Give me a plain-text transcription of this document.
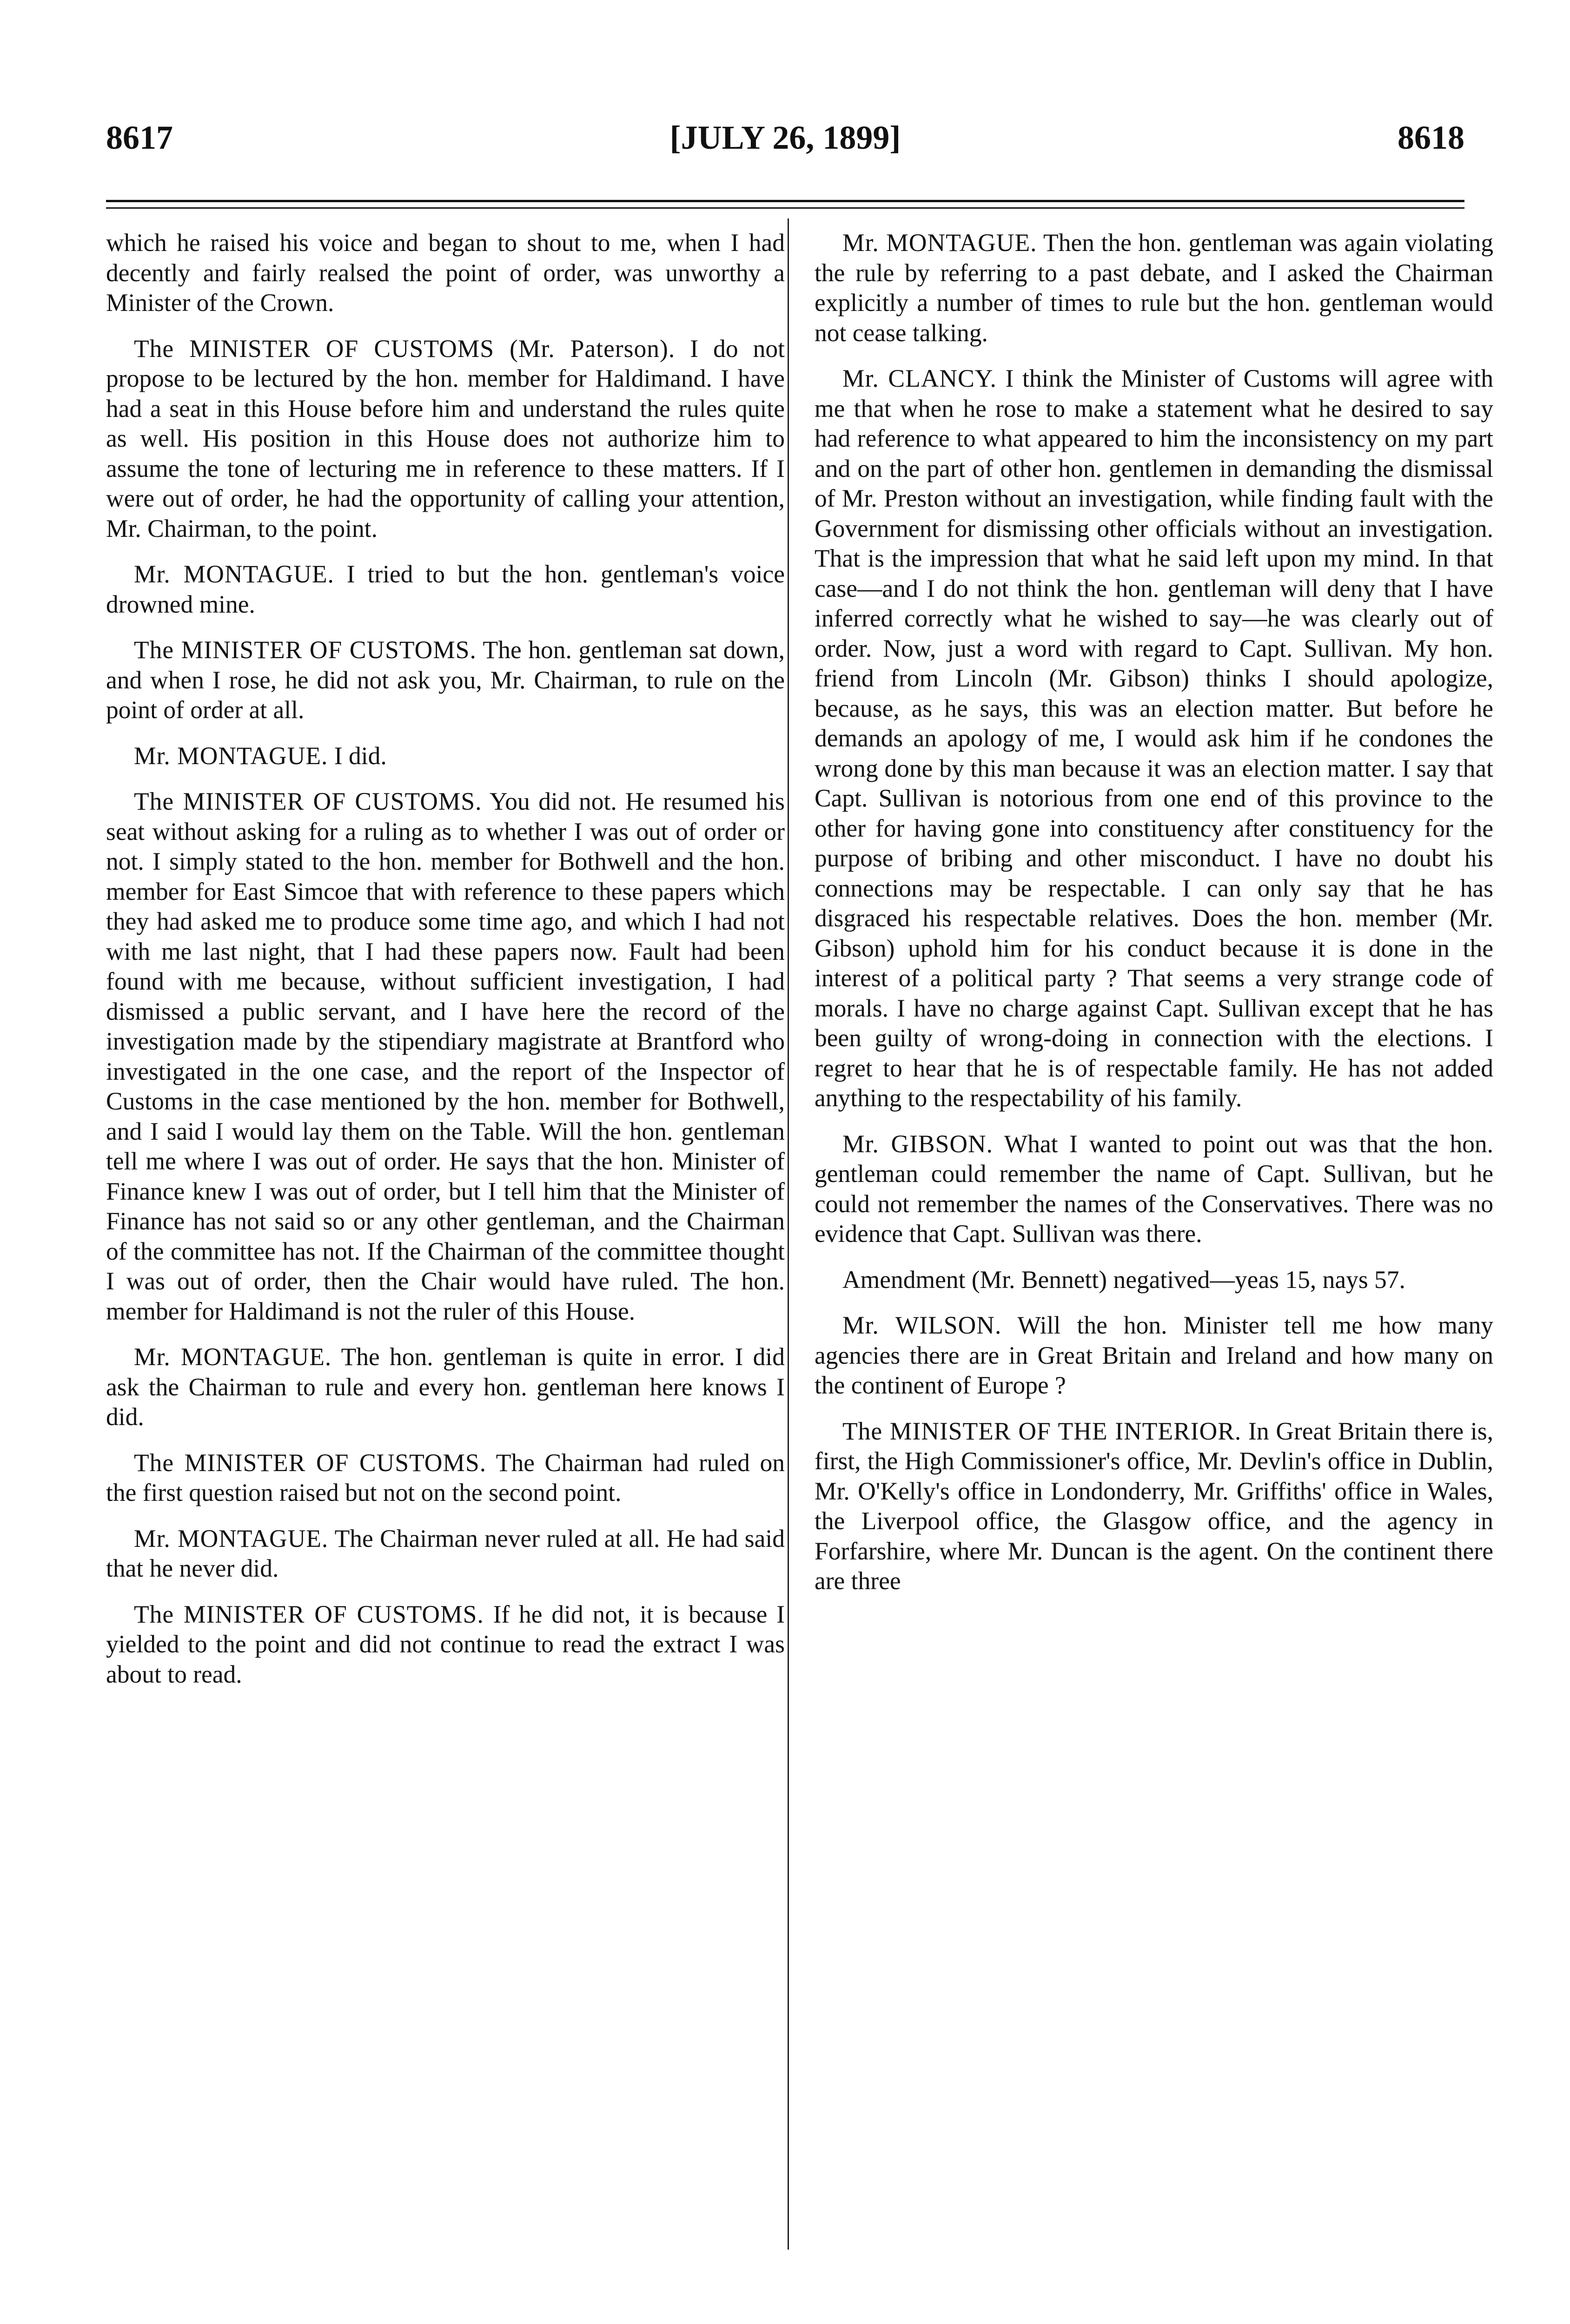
8617	[JULY 26, 1899]	8618

which he raised his voice and began to shout to me, when I had decently and fairly realsed the point of order, was unworthy a Minister of the Crown.

The MINISTER OF CUSTOMS (Mr. Paterson). I do not propose to be lectured by the hon. member for Haldimand. I have had a seat in this House before him and understand the rules quite as well. His position in this House does not authorize him to assume the tone of lecturing me in reference to these matters. If I were out of order, he had the opportunity of calling your attention, Mr. Chairman, to the point.

Mr. MONTAGUE. I tried to but the hon. gentleman's voice drowned mine.

The MINISTER OF CUSTOMS. The hon. gentleman sat down, and when I rose, he did not ask you, Mr. Chairman, to rule on the point of order at all.

Mr. MONTAGUE. I did.

The MINISTER OF CUSTOMS. You did not. He resumed his seat without asking for a ruling as to whether I was out of order or not. I simply stated to the hon. member for Bothwell and the hon. member for East Simcoe that with reference to these papers which they had asked me to produce some time ago, and which I had not with me last night, that I had these papers now. Fault had been found with me because, without sufficient investigation, I had dismissed a public servant, and I have here the record of the investigation made by the stipendiary magistrate at Brantford who investigated in the one case, and the report of the Inspector of Customs in the case mentioned by the hon. member for Bothwell, and I said I would lay them on the Table. Will the hon. gentleman tell me where I was out of order. He says that the hon. Minister of Finance knew I was out of order, but I tell him that the Minister of Finance has not said so or any other gentleman, and the Chairman of the committee has not. If the Chairman of the committee thought I was out of order, then the Chair would have ruled. The hon. member for Haldimand is not the ruler of this House.

Mr. MONTAGUE. The hon. gentleman is quite in error. I did ask the Chairman to rule and every hon. gentleman here knows I did.

The MINISTER OF CUSTOMS. The Chairman had ruled on the first question raised but not on the second point.

Mr. MONTAGUE. The Chairman never ruled at all. He had said that he never did.

The MINISTER OF CUSTOMS. If he did not, it is because I yielded to the point and did not continue to read the extract I was about to read.

Mr. MONTAGUE. Then the hon. gentleman was again violating the rule by referring to a past debate, and I asked the Chairman explicitly a number of times to rule but the hon. gentleman would not cease talking.

Mr. CLANCY. I think the Minister of Customs will agree with me that when he rose to make a statement what he desired to say had reference to what appeared to him the inconsistency on my part and on the part of other hon. gentlemen in demanding the dismissal of Mr. Preston without an investigation, while finding fault with the Government for dismissing other officials without an investigation. That is the impression that what he said left upon my mind. In that case—and I do not think the hon. gentleman will deny that I have inferred correctly what he wished to say—he was clearly out of order. Now, just a word with regard to Capt. Sullivan. My hon. friend from Lincoln (Mr. Gibson) thinks I should apologize, because, as he says, this was an election matter. But before he demands an apology of me, I would ask him if he condones the wrong done by this man because it was an election matter. I say that Capt. Sullivan is notorious from one end of this province to the other for having gone into constituency after constituency for the purpose of bribing and other misconduct. I have no doubt his connections may be respectable. I can only say that he has disgraced his respectable relatives. Does the hon. member (Mr. Gibson) uphold him for his conduct because it is done in the interest of a political party ? That seems a very strange code of morals. I have no charge against Capt. Sullivan except that he has been guilty of wrong-doing in connection with the elections. I regret to hear that he is of respectable family. He has not added anything to the respectability of his family.

Mr. GIBSON. What I wanted to point out was that the hon. gentleman could remember the name of Capt. Sullivan, but he could not remember the names of the Conservatives. There was no evidence that Capt. Sullivan was there.

Amendment (Mr. Bennett) negatived—yeas 15, nays 57.

Mr. WILSON. Will the hon. Minister tell me how many agencies there are in Great Britain and Ireland and how many on the continent of Europe ?

The MINISTER OF THE INTERIOR. In Great Britain there is, first, the High Commissioner's office, Mr. Devlin's office in Dublin, Mr. O'Kelly's office in Londonderry, Mr. Griffiths' office in Wales, the Liverpool office, the Glasgow office, and the agency in Forfarshire, where Mr. Duncan is the agent. On the continent there are three
